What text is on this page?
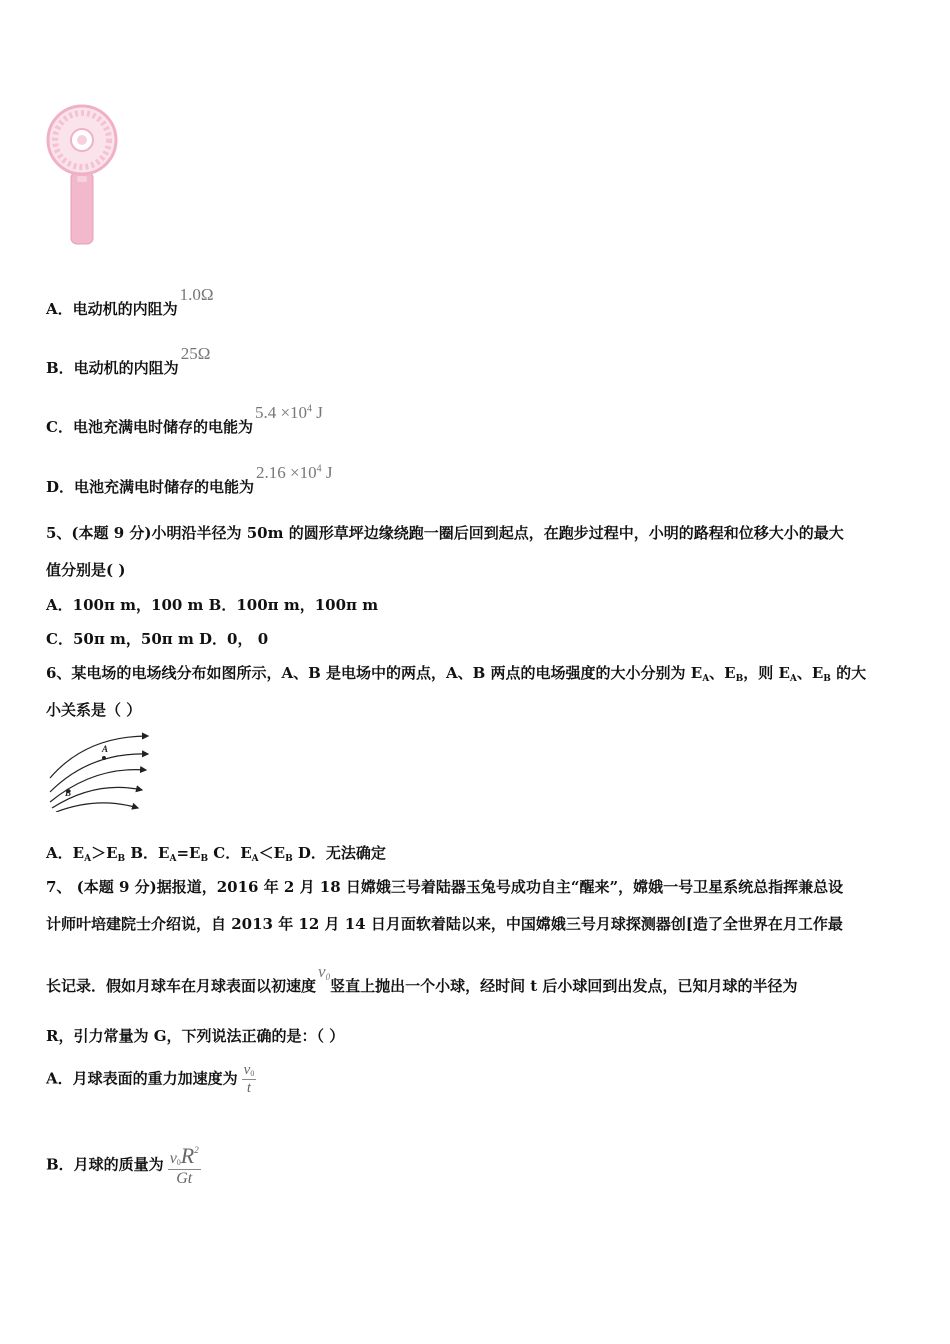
A．电动机的内阻为1.0Ω
B．电动机的内阻为25Ω
C．电池充满电时储存的电能为$5.4 \times 10^4$ J
D．电池充满电时储存的电能为$2.16 \times 10^4$ J
5、(本题 9 分)小明沿半径为 50m 的圆形草坪边缘绕跑一圈后回到起点，在跑步过程中，小明的路程和位移大小的最大
值分别是( )
A．100π m，100 m B．100π m，100π m
C．50π m，50π m D．0， 0
6、某电场的电场线分布如图所示，A、B 是电场中的两点，A、B 两点的电场强度的大小分别为 $E_A$、$E_B$，则 $E_A$、$E_B$ 的大
小关系是（ ）
A
B
A．$E_A>E_B$ B．$E_A=E_B$ C．$E_A<E_B$ D．无法确定
7、 (本题 9 分)据报道，2016 年 2 月 18 日嫦娥三号着陆器玉兔号成功自主“醒来”，嫦娥一号卫星系统总指挥兼总设
计师叶培建院士介绍说，自 2013 年 12 月 14 日月面软着陆以来，中国嫦娥三号月球探测器创[造了全世界在月工作最
长记录．假如月球车在月球表面以初速度$v_0$竖直上抛出一个小球，经时间 t 后小球回到出发点，已知月球的半径为
R，引力常量为 G，下列说法正确的是：（ ）
A．月球表面的重力加速度为 $\frac{v_0}{t}$
B．月球的质量为 $\frac{v_0R^2}{Gt}$
